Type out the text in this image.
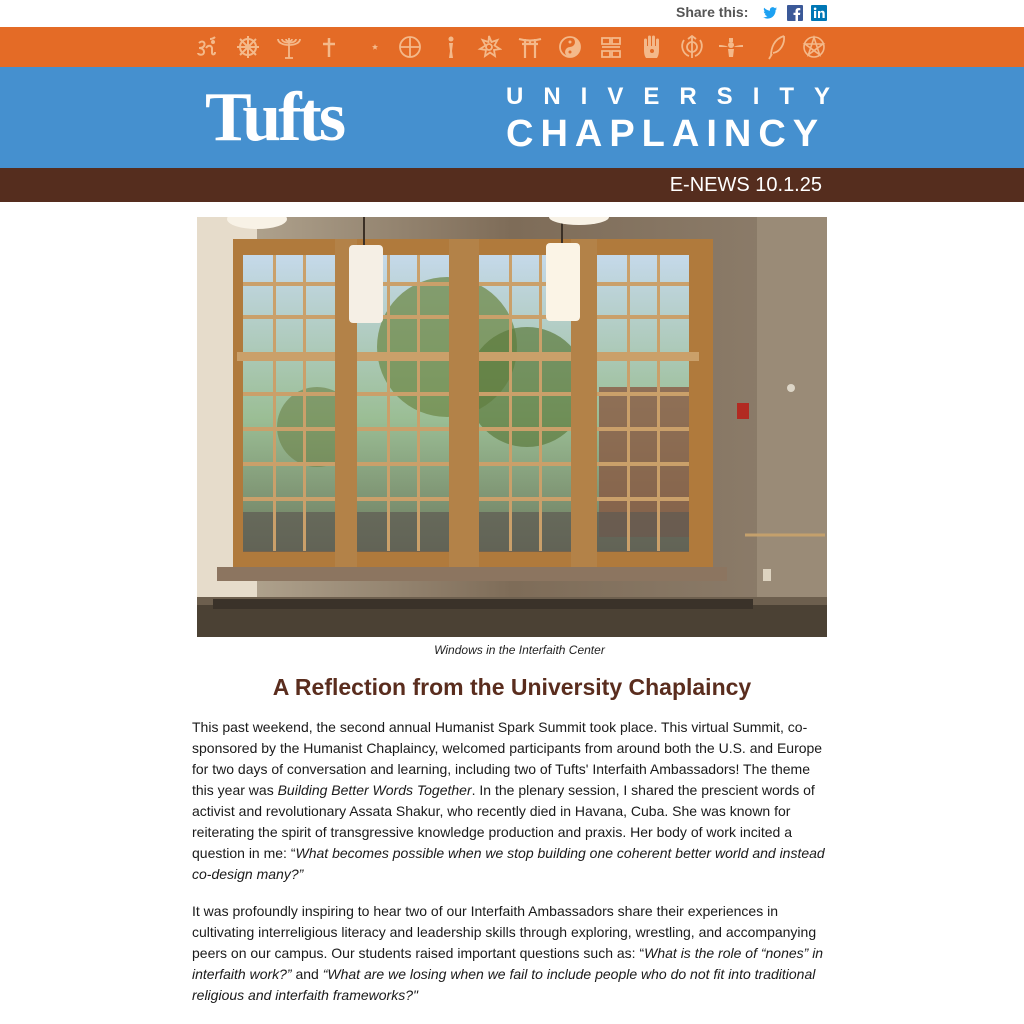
Share this:
Tufts	UNIVERSITY
CHAPLAINCY
E-NEWS 10.1.25
Windows in the Interfaith Center
A Reflection from the University Chaplaincy

This past weekend, the second annual Humanist Spark Summit took place. This virtual Summit, co-sponsored by the Humanist Chaplaincy, welcomed participants from around both the U.S. and Europe for two days of conversation and learning, including two of Tufts' Interfaith Ambassadors! The theme this year was Building Better Words Together. In the plenary session, I shared the prescient words of activist and revolutionary Assata Shakur, who recently died in Havana, Cuba. She was known for reiterating the spirit of transgressive knowledge production and praxis. Her body of work incited a question in me: “What becomes possible when we stop building one coherent better world and instead co-design many?”

It was profoundly inspiring to hear two of our Interfaith Ambassadors share their experiences in cultivating interreligious literacy and leadership skills through exploring, wrestling, and accompanying peers on our campus. Our students raised important questions such as: “What is the role of “nones” in interfaith work?” and “What are we losing when we fail to include people who do not fit into traditional religious and interfaith frameworks?"
